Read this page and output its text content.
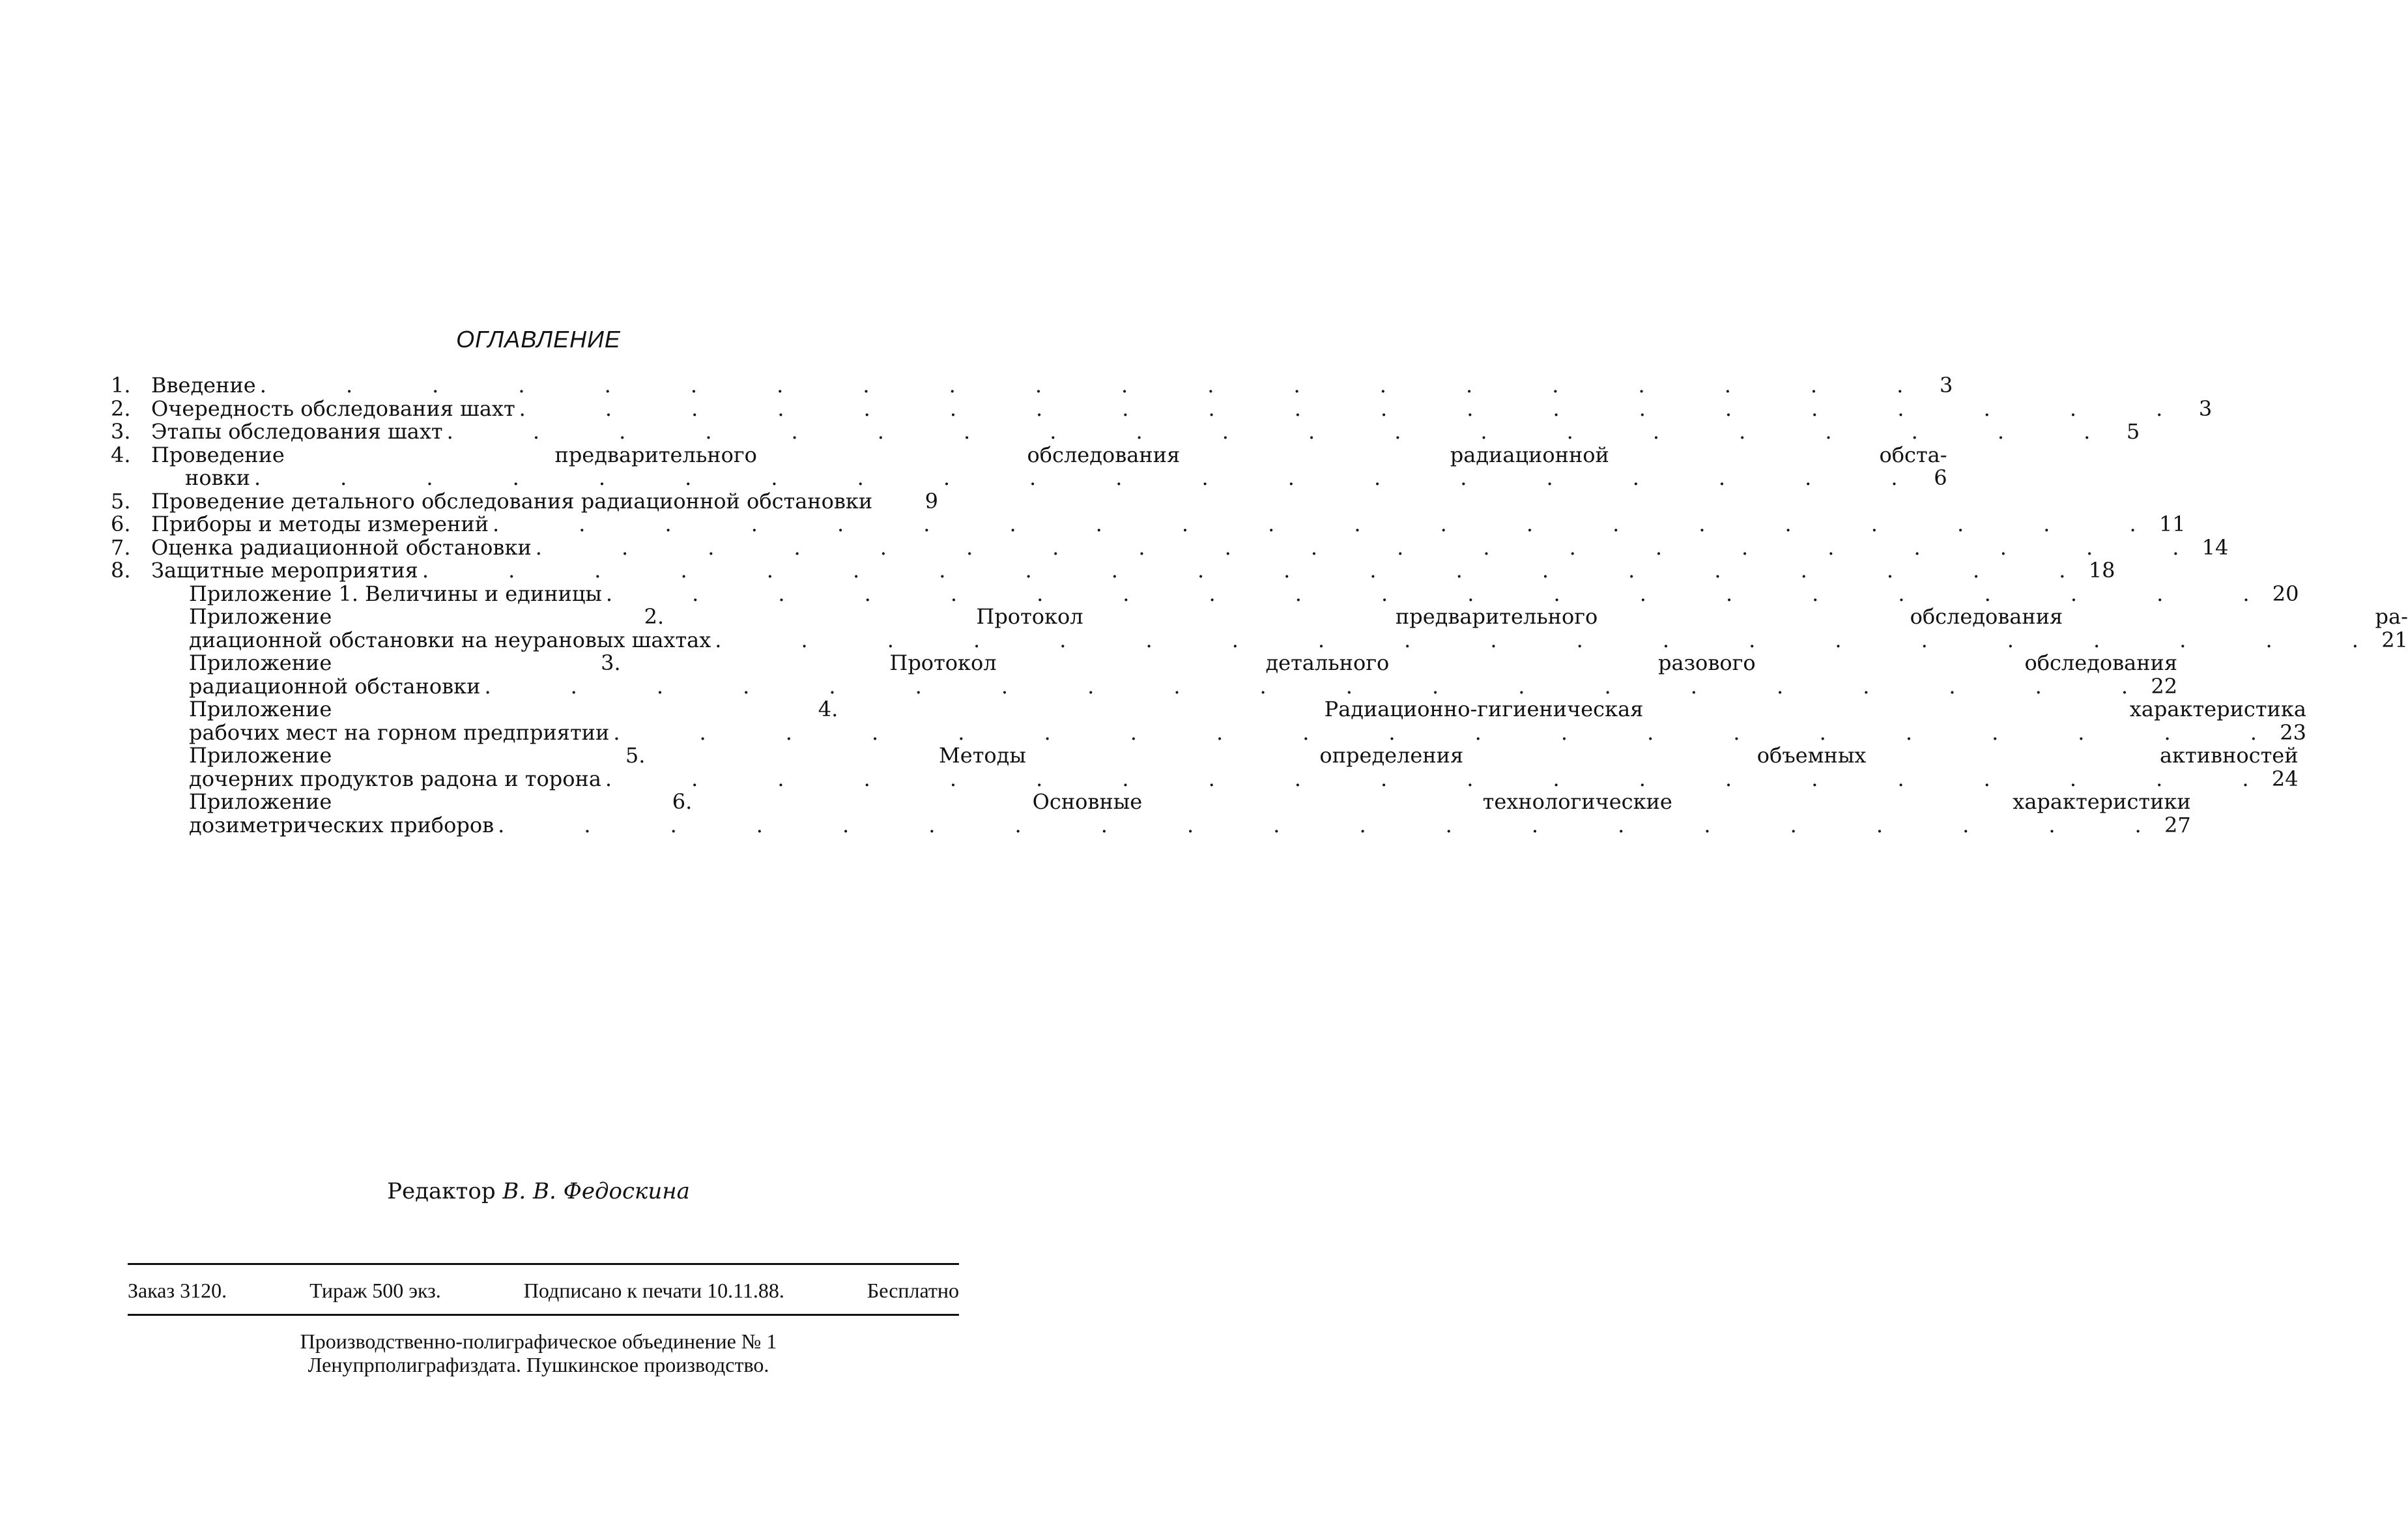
ОГЛАВЛЕНИЕ
1. Введение .	3
2. Очередность обследования шахт .	3
3. Этапы обследования шахт .	5
4. Проведение предварительного обследования радиационной обста-
новки .	6
5. Проведение детального обследования радиационной обстановки	9
6. Приборы и методы измерений .	11
7. Оценка радиационной обстановки .	14
8. Защитные мероприятия .	18
Приложение 1. Величины и единицы .	20
Приложение 2. Протокол предварительного обследования ра-
диационной обстановки на неурановых шахтах .	21
Приложение 3. Протокол детального разового обследования
радиационной обстановки .	22
Приложение 4. Радиационно-гигиеническая характеристика
рабочих мест на горном предприятии .	23
Приложение 5. Методы определения объемных активностей
дочерних продуктов радона и торона .	24
Приложение 6. Основные технологические характеристики
дозиметрических приборов .	27
Редактор В. В. Федоскина
Заказ 3120.	Тираж 500 экз.	Подписано к печати 10.11.88.	Бесплатно
Производственно-полиграфическое объединение № 1
Ленупрполиграфиздата. Пушкинское производство.
